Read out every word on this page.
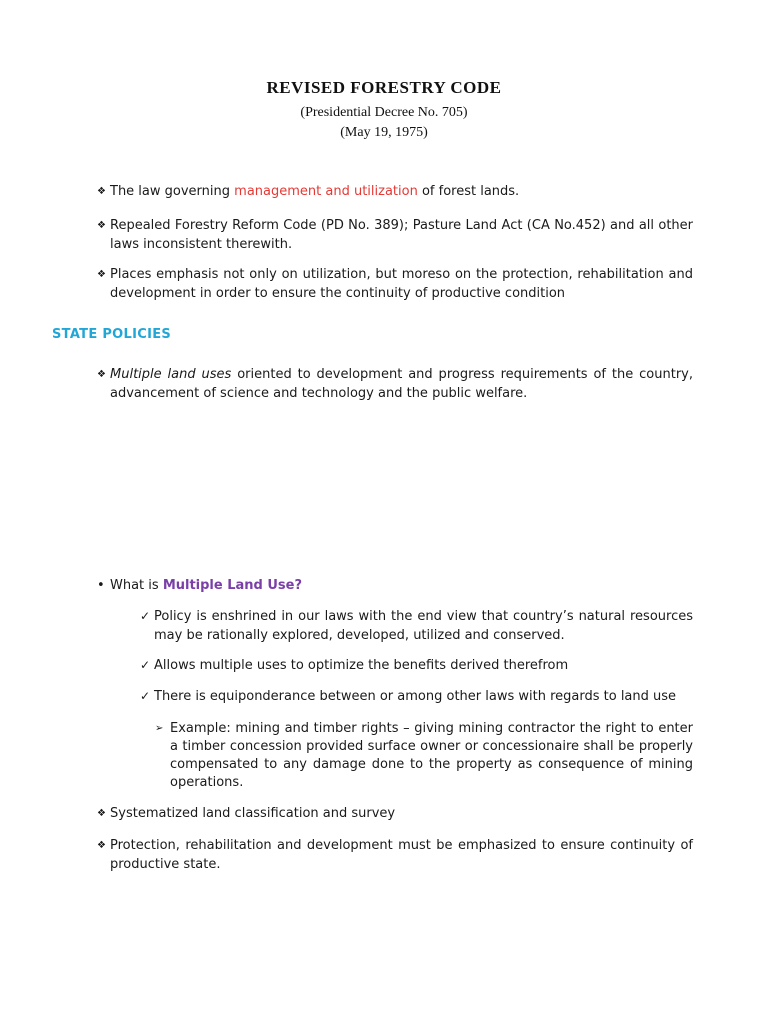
REVISED FORESTRY CODE
(Presidential Decree No. 705)
(May 19, 1975)
❖ The law governing management and utilization of forest lands.
❖ Repealed Forestry Reform Code (PD No. 389); Pasture Land Act (CA No.452) and all other laws inconsistent therewith.
❖ Places emphasis not only on utilization, but moreso on the protection, rehabilitation and development in order to ensure the continuity of productive condition
STATE POLICIES
❖ Multiple land uses oriented to development and progress requirements of the country, advancement of science and technology and the public welfare.
• What is Multiple Land Use?
✓ Policy is enshrined in our laws with the end view that country’s natural resources may be rationally explored, developed, utilized and conserved.
✓ Allows multiple uses to optimize the benefits derived therefrom
✓ There is equiponderance between or among other laws with regards to land use
➢ Example: mining and timber rights – giving mining contractor the right to enter a timber concession provided surface owner or concessionaire shall be properly compensated to any damage done to the property as consequence of mining operations.
❖ Systematized land classification and survey
❖ Protection, rehabilitation and development must be emphasized to ensure continuity of productive state.
